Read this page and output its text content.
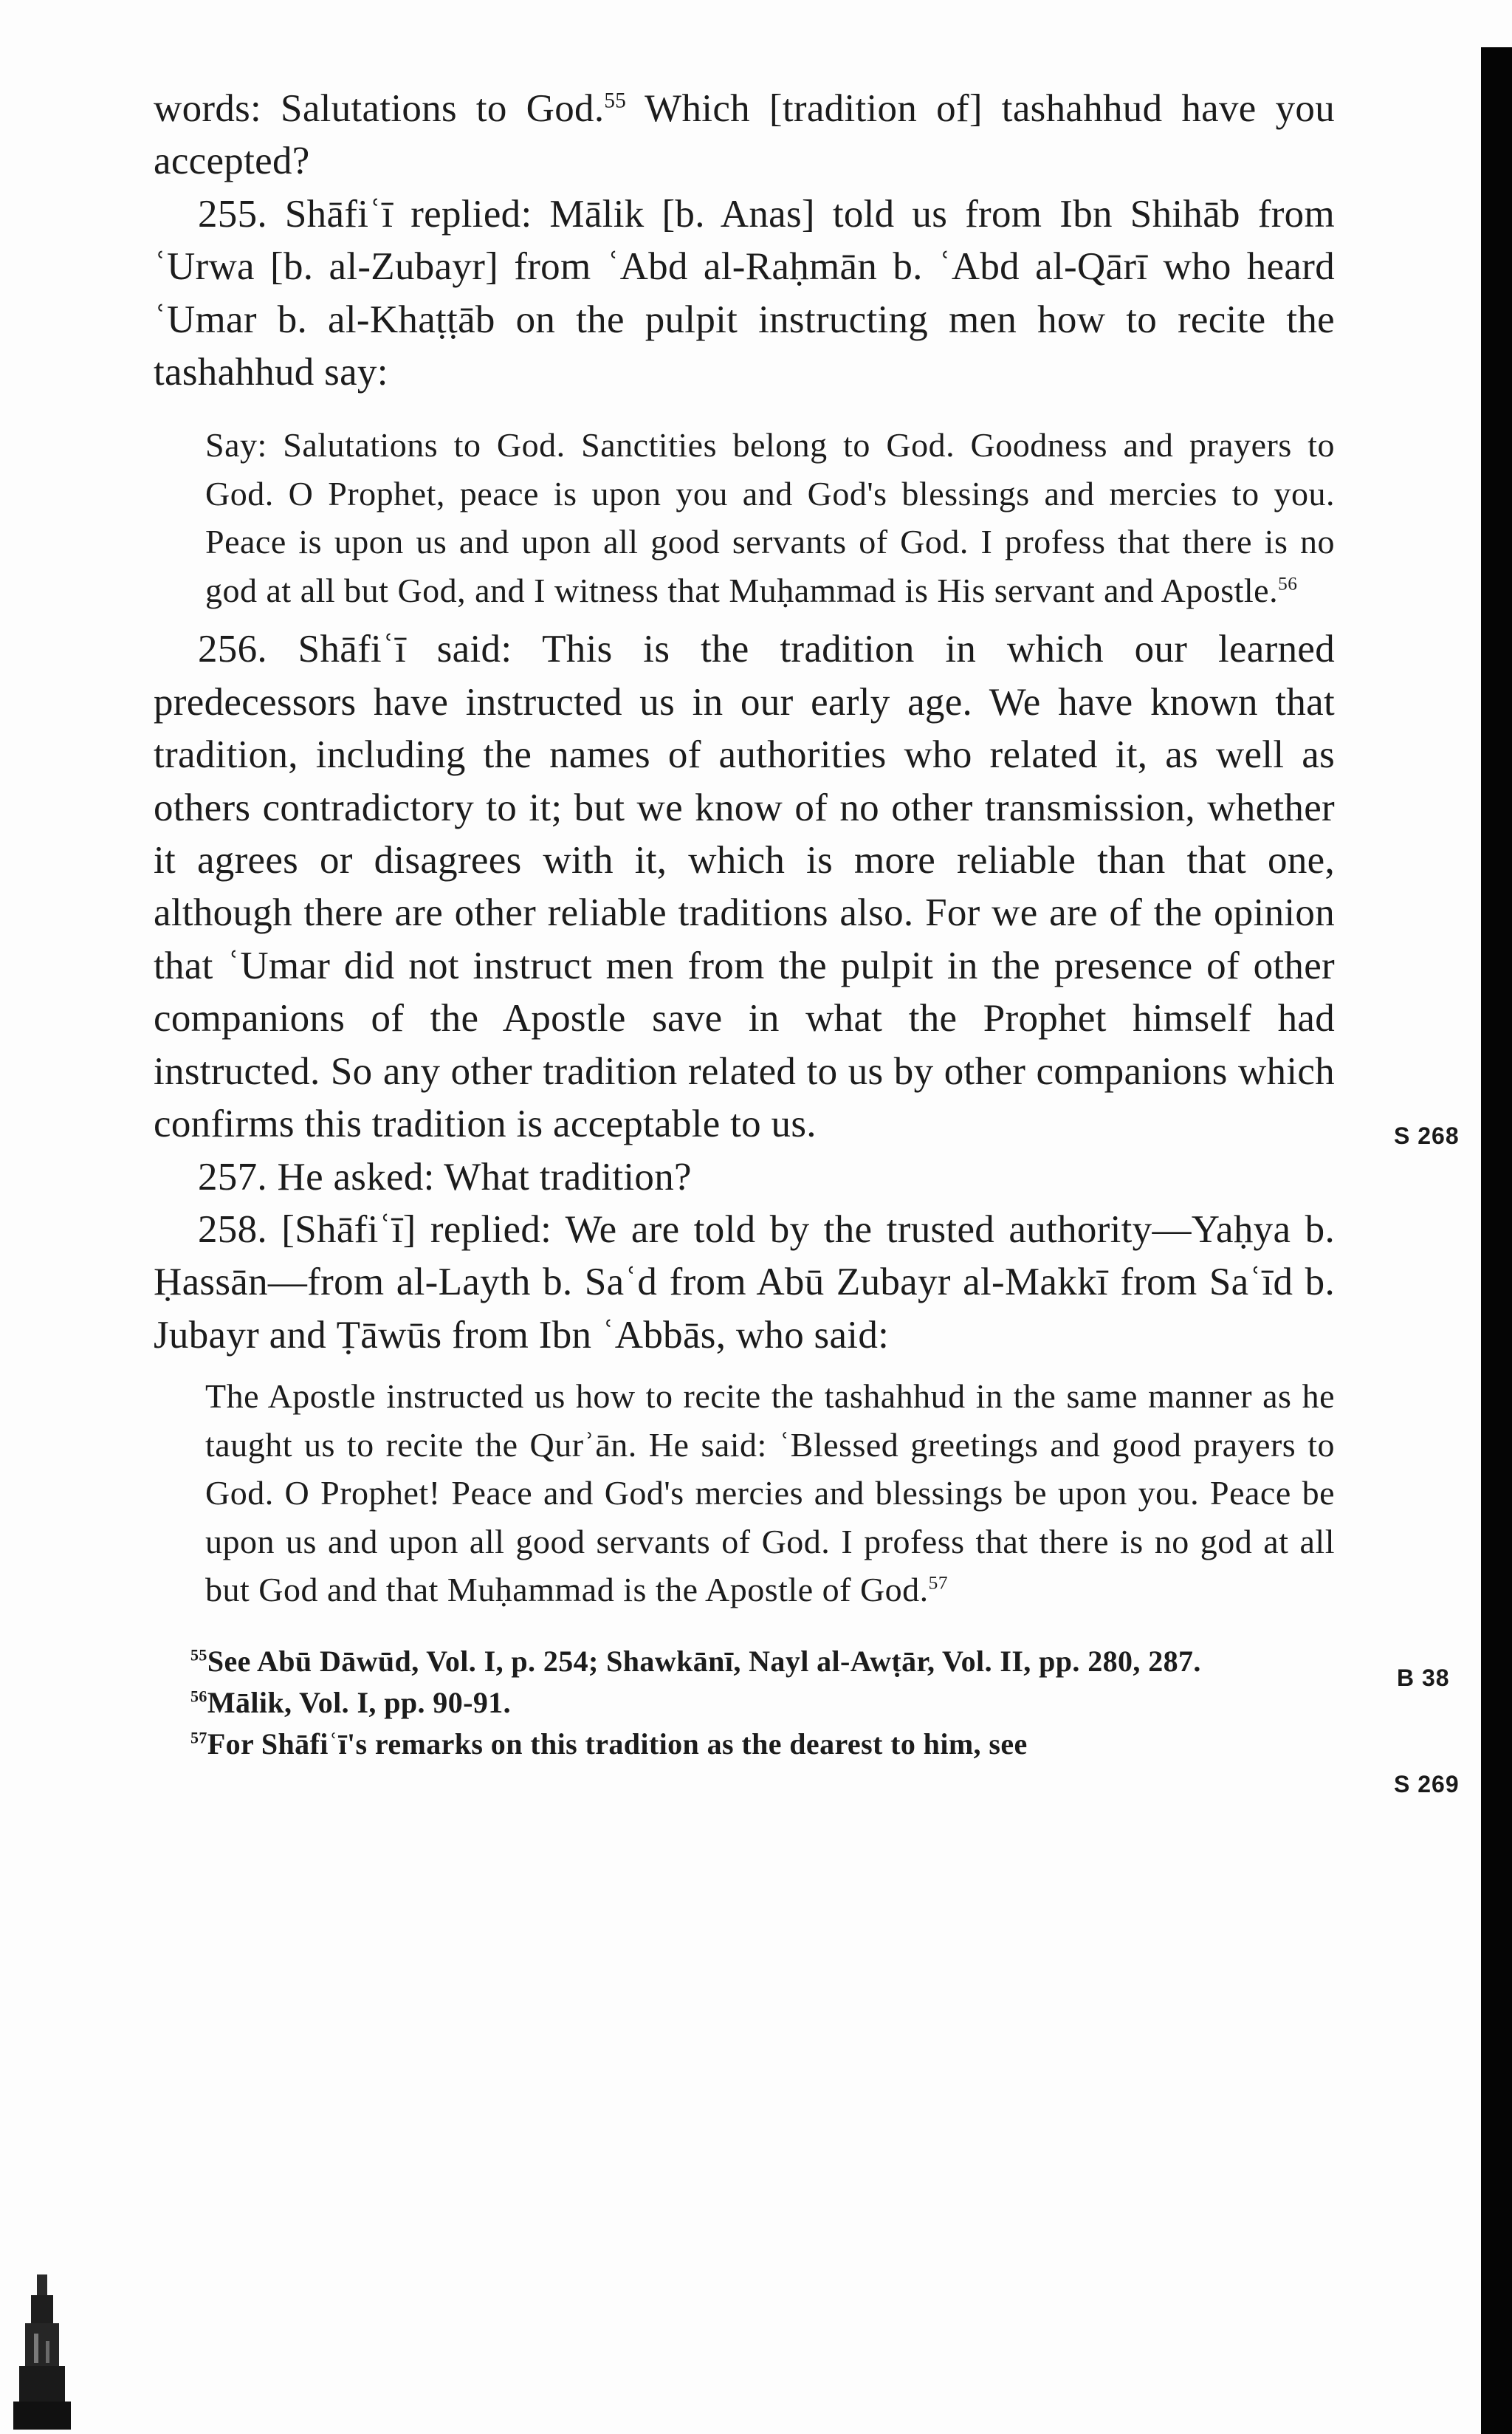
words: Salutations to God.$^{55}$ Which [tradition of] tashahhud have you accepted?

255. Shāfiʿī replied: Mālik [b. Anas] told us from Ibn Shihāb from ʿUrwa [b. al-Zubayr] from ʿAbd al-Raḥmān b. ʿAbd al-Qārī who heard ʿUmar b. al-Khaṭṭāb on the pulpit instructing men how to recite the tashahhud say:

Say: Salutations to God. Sanctities belong to God. Goodness and prayers to God. O Prophet, peace is upon you and God's blessings and mercies to you. Peace is upon us and upon all good servants of God. I profess that there is no god at all but God, and I witness that Muḥammad is His servant and Apostle.$^{56}$

256. Shāfiʿī said: This is the tradition in which our learned predecessors have instructed us in our early age. We have known that tradition, including the names of authorities who related it, as well as others contradictory to it; but we know of no other transmission, whether it agrees or disagrees with it, which is more reliable than that one, although there are other reliable traditions also. For we are of the opinion that ʿUmar did not instruct men from the pulpit in the presence of other companions of the Apostle save in what the Prophet himself had instructed. So any other tradition related to us by other companions which confirms this tradition is acceptable to us.

257. He asked: What tradition?

258. [Shāfiʿī] replied: We are told by the trusted authority—Yaḥya b. Ḥassān—from al-Layth b. Saʿd from Abū Zubayr al-Makkī from Saʿīd b. Jubayr and Ṭāwūs from Ibn ʿAbbās, who said:

The Apostle instructed us how to recite the tashahhud in the same manner as he taught us to recite the Qurʾān. He said: ʿBlessed greetings and good prayers to God. O Prophet! Peace and God's mercies and blessings be upon you. Peace be upon us and upon all good servants of God. I profess that there is no god at all but God and that Muḥammad is the Apostle of God.$^{57}$

$^{55}$See Abū Dāwūd, Vol. I, p. 254; Shawkānī, Nayl al-Awṭār, Vol. II, pp. 280, 287.

$^{56}$Mālik, Vol. I, pp. 90-91.

$^{57}$For Shāfiʿī's remarks on this tradition as the dearest to him, see

S 268
B 38
S 269
